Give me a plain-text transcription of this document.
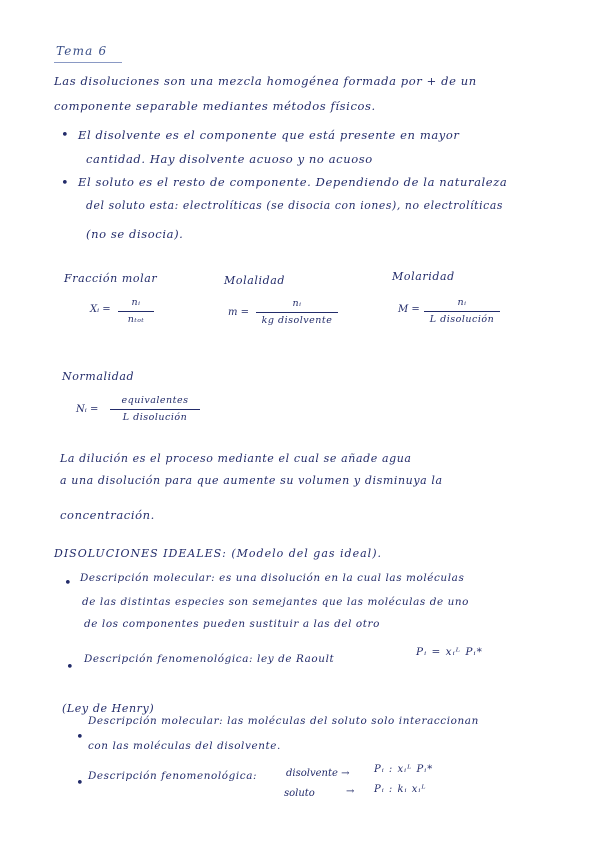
Tema 6
Las disoluciones son una mezcla homogénea formada por + de un
componente separable mediantes métodos físicos.
• El disolvente es el componente que está presente en mayor
cantidad. Hay disolvente acuoso y no acuoso
• El soluto es el resto de componente. Dependiendo de la naturaleza
del soluto esta: electrolíticas (se disocia con iones), no electrolíticas
(no se disocia).
Fracción molar
Xᵢ =
nᵢ
nₜₒₜ
Molalidad
m =
nᵢ
kg disolvente
Molaridad
M =
nᵢ
L disolución
Normalidad
Nᵢ =
equivalentes
L disolución
La dilución es el proceso mediante el cual se añade agua
a una disolución para que aumente su volumen y disminuya la
concentración.
DISOLUCIONES IDEALES: (Modelo del gas ideal).
• Descripción molecular: es una disolución en la cual las moléculas
de las distintas especies son semejantes que las moléculas de uno
de los componentes pueden sustituir a las del otro
•
Descripción fenomenológica: ley de Raoult
Pᵢ = xᵢᴸ Pᵢ*
(Ley de Henry)
•
Descripción molecular: las moléculas del soluto solo interaccionan
con las moléculas del disolvente.
• Descripción fenomenológica:	disolvente → Pᵢ : xᵢᴸ Pᵢ*
soluto	→ Pᵢ : kᵢ xᵢᴸ
